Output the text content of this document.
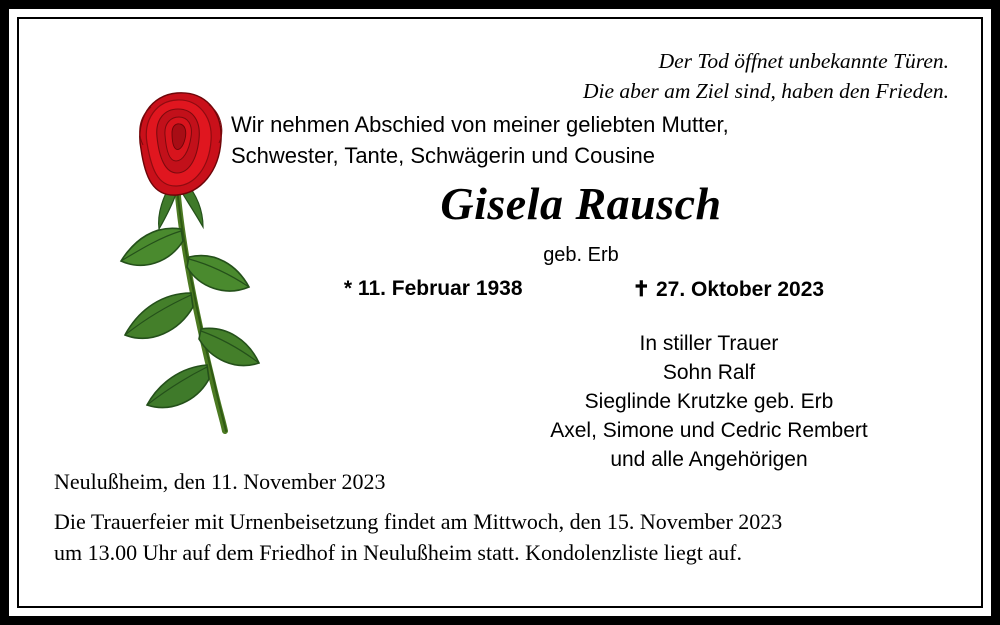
Der Tod öffnet unbekannte Türen.
Die aber am Ziel sind, haben den Frieden.
Wir nehmen Abschied von meiner geliebten Mutter,
Schwester, Tante, Schwägerin und Cousine
Gisela Rausch
geb. Erb
* 11. Februar 1938	✝ 27. Oktober 2023
In stiller Trauer
Sohn Ralf
Sieglinde Krutzke geb. Erb
Axel, Simone und Cedric Rembert
und alle Angehörigen
Neulußheim, den 11. November 2023
Die Trauerfeier mit Urnenbeisetzung findet am Mittwoch, den 15. November 2023
um 13.00 Uhr auf dem Friedhof in Neulußheim statt. Kondolenzliste liegt auf.
